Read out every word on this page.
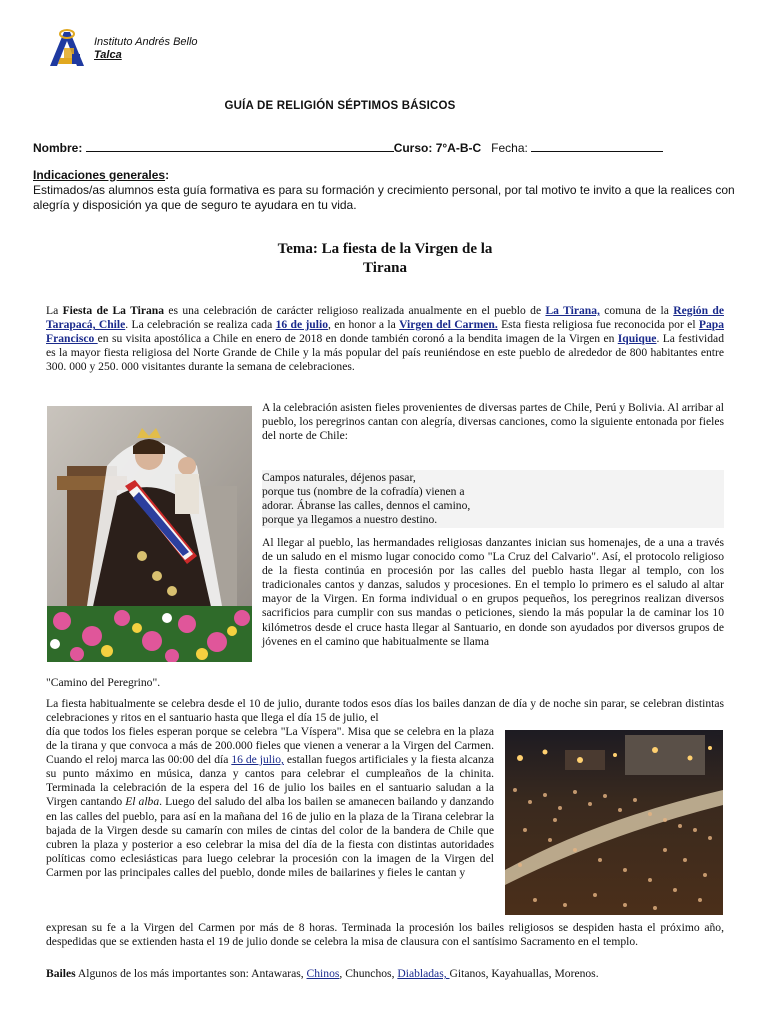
Instituto Andrés Bello
Talca
GUÍA DE RELIGIÓN SÉPTIMOS BÁSICOS
Nombre:	Curso: 7°A-B-C Fecha:
Indicaciones generales:
Estimados/as alumnos esta guía formativa es para su formación y crecimiento personal, por tal motivo te invito a que la realices con alegría y disposición ya que de seguro te ayudara en tu vida.
Tema: La fiesta de la Virgen de la
Tirana
La Fiesta de La Tirana es una celebración de carácter religioso realizada anualmente en el pueblo de La Tirana, comuna de la Región de Tarapacá, Chile. La celebración se realiza cada 16 de julio, en honor a la Virgen del Carmen. Esta fiesta religiosa fue reconocida por el Papa Francisco en su visita apostólica a Chile en enero de 2018 en donde también coronó a la bendita imagen de la Virgen en Iquique. La festividad es la mayor fiesta religiosa del Norte Grande de Chile y la más popular del país reuniéndose en este pueblo de alrededor de 800 habitantes entre 300. 000 y 250. 000 visitantes durante la semana de celebraciones.
A la celebración asisten fieles provenientes de diversas partes de Chile, Perú y Bolivia. Al arribar al pueblo, los peregrinos cantan con alegría, diversas canciones, como la siguiente entonada por fieles del norte de Chile:
Campos naturales, déjenos pasar,
porque tus (nombre de la cofradía) vienen a
adorar. Ábranse las calles, dennos el camino,
porque ya llegamos a nuestro destino.
Al llegar al pueblo, las hermandades religiosas danzantes inician sus homenajes, de a una a través de un saludo en el mismo lugar conocido como "La Cruz del Calvario". Así, el protocolo religioso de la fiesta continúa en procesión por las calles del pueblo hasta llegar al templo, con los tradicionales cantos y danzas, saludos y procesiones. En el templo lo primero es el saludo al altar mayor de la Virgen. En forma individual o en grupos pequeños, los peregrinos realizan diversos sacrificios para cumplir con sus mandas o peticiones, siendo la más popular la de caminar los 10 kilómetros desde el cruce hasta llegar al Santuario, en donde son ayudados por diversos grupos de jóvenes en el camino que habitualmente se llama
"Camino del Peregrino".
La fiesta habitualmente se celebra desde el 10 de julio, durante todos esos días los bailes danzan de día y de noche sin parar, se celebran distintas celebraciones y ritos en el santuario hasta que llega el día 15 de julio, el
día que todos los fieles esperan porque se celebra "La Víspera". Misa que se celebra en la plaza de la tirana y que convoca a más de 200.000 fieles que vienen a venerar a la Virgen del Carmen. Cuando el reloj marca las 00:00 del día 16 de julio, estallan fuegos artificiales y la fiesta alcanza su punto máximo en música, danza y cantos para celebrar el cumpleaños de la chinita. Terminada la celebración de la espera del 16 de julio los bailes en el santuario saludan a la Virgen cantando El alba. Luego del saludo del alba los bailen se amanecen bailando y danzando en las calles del pueblo, para así en la mañana del 16 de julio en la plaza de la Tirana celebrar la bajada de la Virgen desde su camarín con miles de cintas del color de la bandera de Chile que cubren la plaza y posterior a eso celebrar la misa del día de la fiesta con distintas autoridades políticas como eclesiásticas para luego celebrar la procesión con la imagen de la Virgen del Carmen por las principales calles del pueblo, donde miles de bailarines y fieles le cantan y
expresan su fe a la Virgen del Carmen por más de 8 horas. Terminada la procesión los bailes religiosos se despiden hasta el próximo año, despedidas que se extienden hasta el 19 de julio donde se celebra la misa de clausura con el santísimo Sacramento en el templo.
Bailes Algunos de los más importantes son: Antawaras, Chinos, Chunchos, Diabladas, Gitanos, Kayahuallas, Morenos.
